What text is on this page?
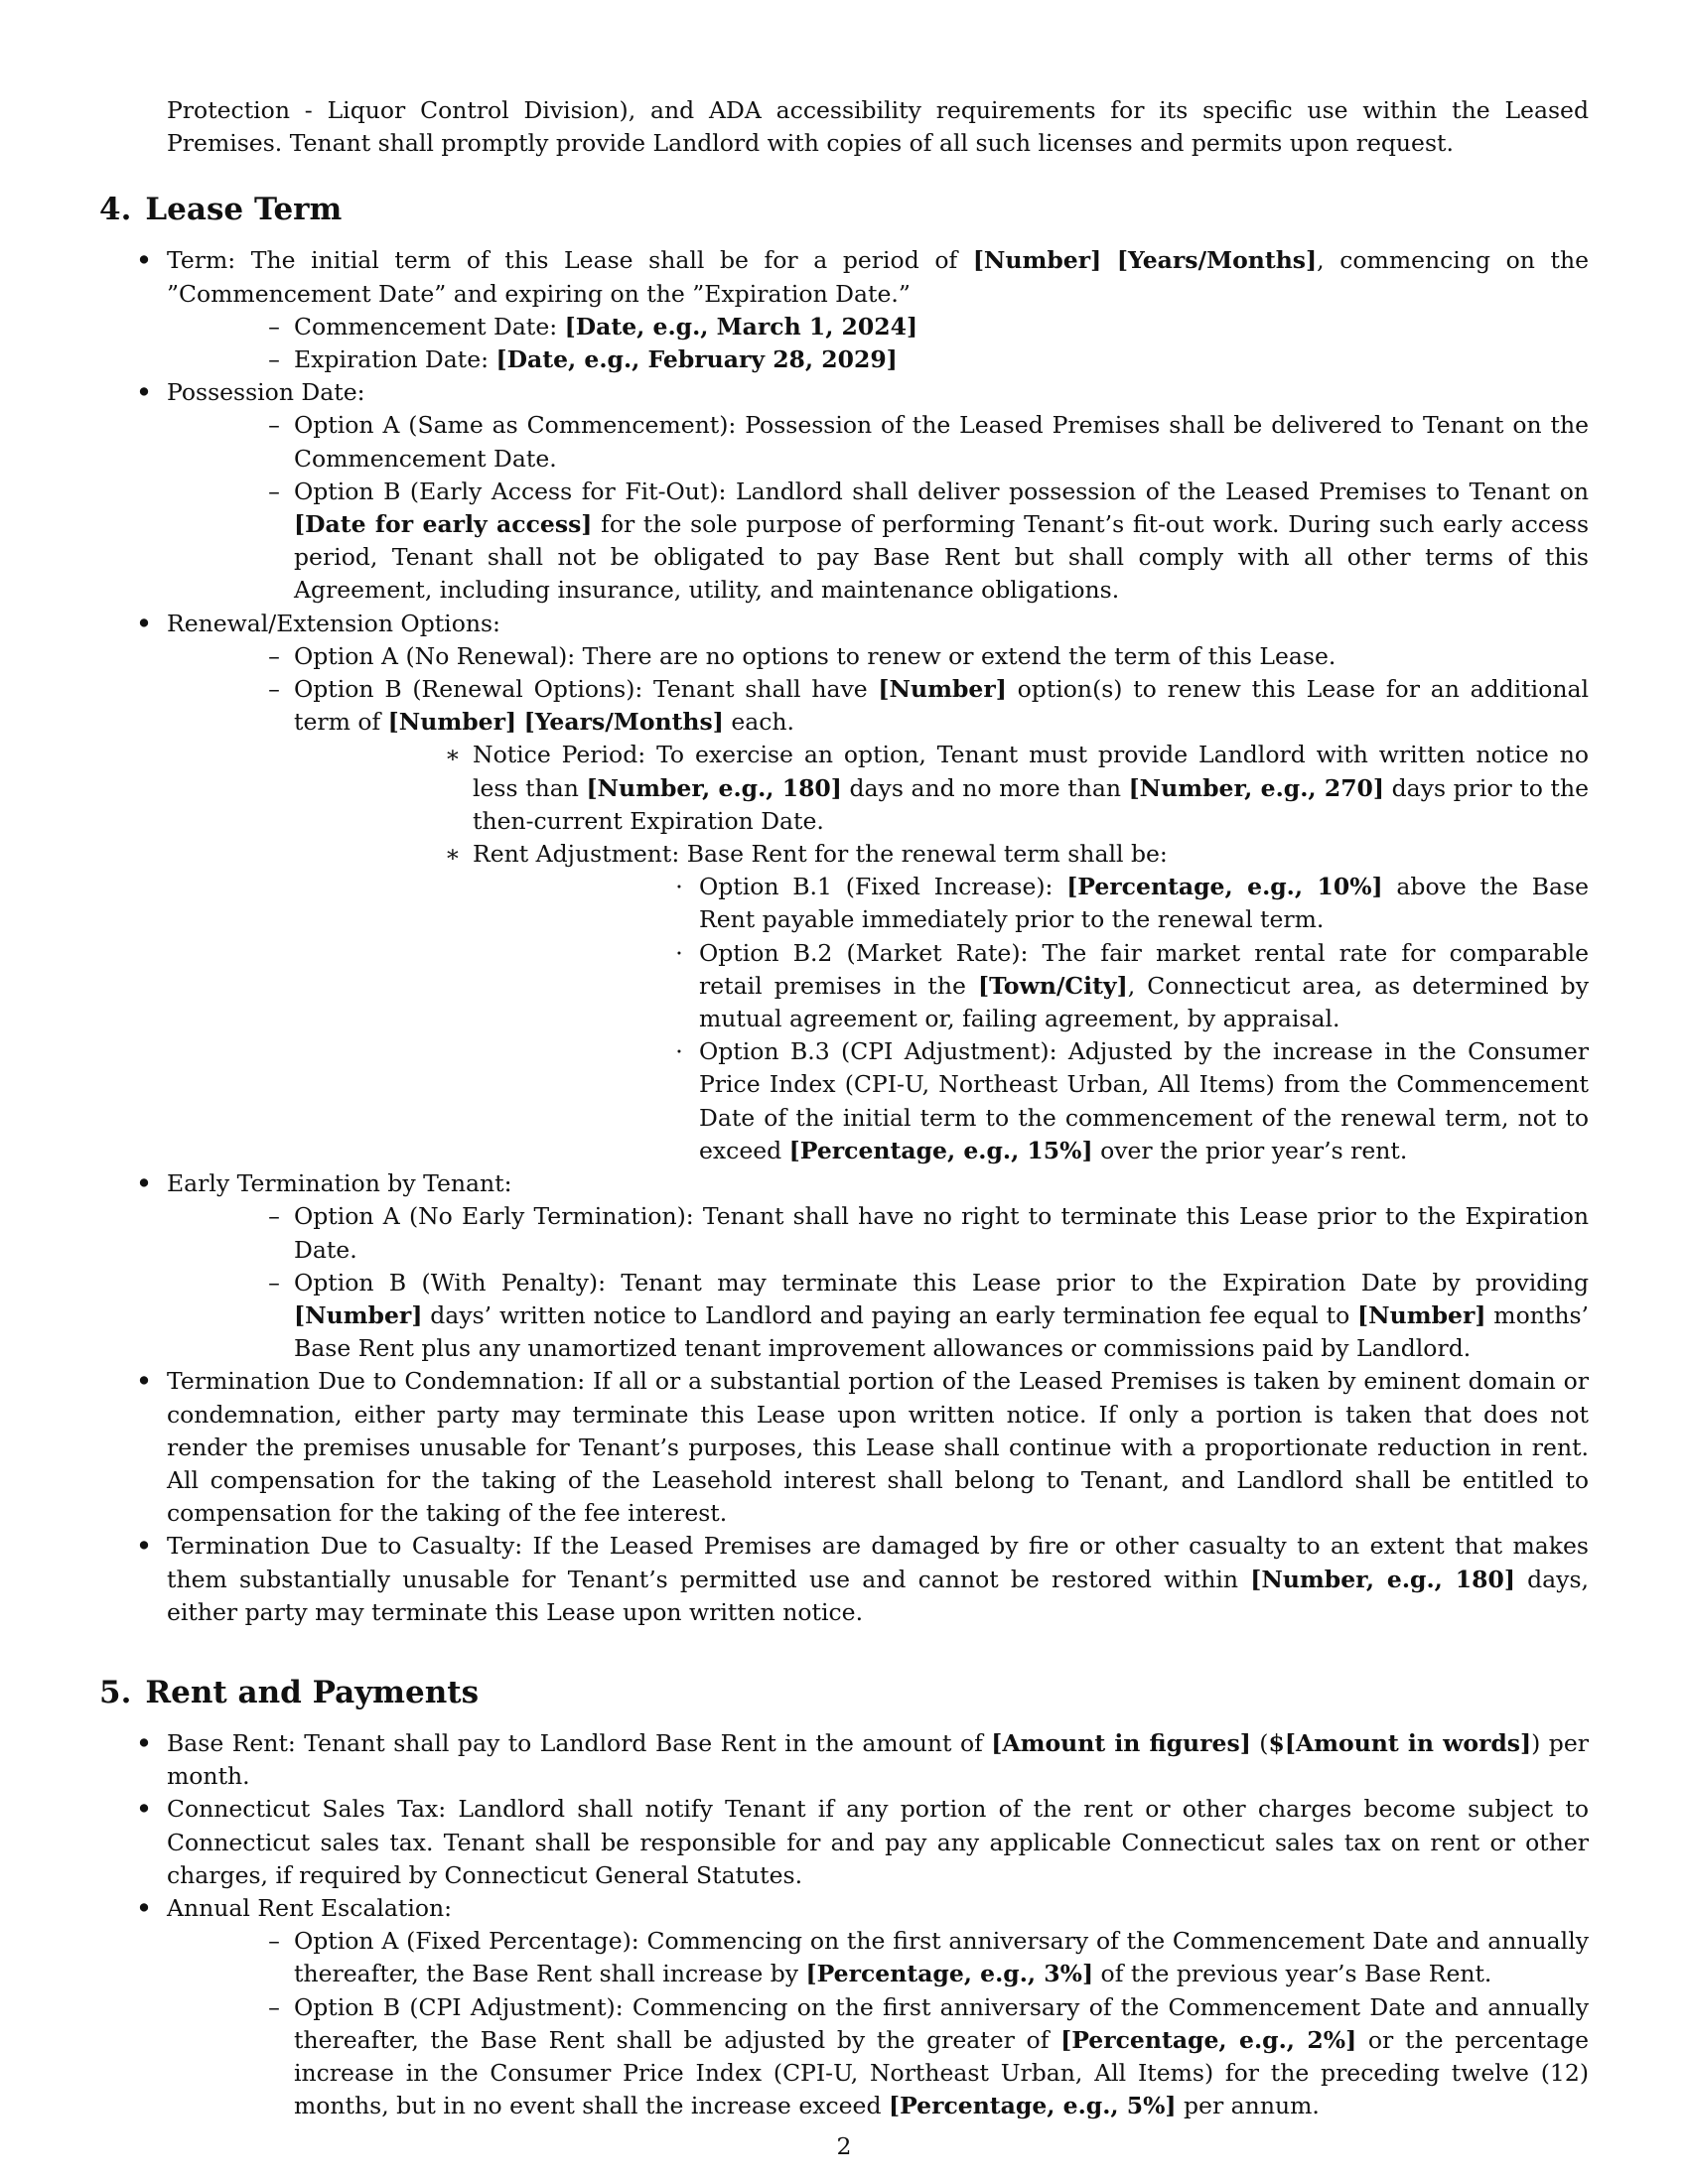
Protection - Liquor Control Division), and ADA accessibility requirements for its specific use within the Leased Premises. Tenant shall promptly provide Landlord with copies of all such licenses and permits upon request.

4. Lease Term
• Term: The initial term of this Lease shall be for a period of [Number] [Years/Months], commencing on the ”Commencement Date” and expiring on the ”Expiration Date.”
– Commencement Date: [Date, e.g., March 1, 2024]
– Expiration Date: [Date, e.g., February 28, 2029]
• Possession Date:
– Option A (Same as Commencement): Possession of the Leased Premises shall be delivered to Tenant on the Commencement Date.
– Option B (Early Access for Fit-Out): Landlord shall deliver possession of the Leased Premises to Tenant on [Date for early access] for the sole purpose of performing Tenant’s fit-out work. During such early access period, Tenant shall not be obligated to pay Base Rent but shall comply with all other terms of this Agreement, including insurance, utility, and maintenance obligations.
• Renewal/Extension Options:
– Option A (No Renewal): There are no options to renew or extend the term of this Lease.
– Option B (Renewal Options): Tenant shall have [Number] option(s) to renew this Lease for an additional term of [Number] [Years/Months] each.
∗ Notice Period: To exercise an option, Tenant must provide Landlord with written notice no less than [Number, e.g., 180] days and no more than [Number, e.g., 270] days prior to the then-current Expiration Date.
∗ Rent Adjustment: Base Rent for the renewal term shall be:
· Option B.1 (Fixed Increase): [Percentage, e.g., 10%] above the Base Rent payable immediately prior to the renewal term.
· Option B.2 (Market Rate): The fair market rental rate for comparable retail premises in the [Town/City], Connecticut area, as determined by mutual agreement or, failing agreement, by appraisal.
· Option B.3 (CPI Adjustment): Adjusted by the increase in the Consumer Price Index (CPI-U, Northeast Urban, All Items) from the Commencement Date of the initial term to the commencement of the renewal term, not to exceed [Percentage, e.g., 15%] over the prior year’s rent.
• Early Termination by Tenant:
– Option A (No Early Termination): Tenant shall have no right to terminate this Lease prior to the Expiration Date.
– Option B (With Penalty): Tenant may terminate this Lease prior to the Expiration Date by providing [Number] days’ written notice to Landlord and paying an early termination fee equal to [Number] months’ Base Rent plus any unamortized tenant improvement allowances or commissions paid by Landlord.
• Termination Due to Condemnation: If all or a substantial portion of the Leased Premises is taken by eminent domain or condemnation, either party may terminate this Lease upon written notice. If only a portion is taken that does not render the premises unusable for Tenant’s purposes, this Lease shall continue with a proportionate reduction in rent. All compensation for the taking of the Leasehold interest shall belong to Tenant, and Landlord shall be entitled to compensation for the taking of the fee interest.
• Termination Due to Casualty: If the Leased Premises are damaged by fire or other casualty to an extent that makes them substantially unusable for Tenant’s permitted use and cannot be restored within [Number, e.g., 180] days, either party may terminate this Lease upon written notice.
5. Rent and Payments
• Base Rent: Tenant shall pay to Landlord Base Rent in the amount of [Amount in figures] ($[Amount in words]) per month.
• Connecticut Sales Tax: Landlord shall notify Tenant if any portion of the rent or other charges become subject to Connecticut sales tax. Tenant shall be responsible for and pay any applicable Connecticut sales tax on rent or other charges, if required by Connecticut General Statutes.
• Annual Rent Escalation:
– Option A (Fixed Percentage): Commencing on the first anniversary of the Commencement Date and annually thereafter, the Base Rent shall increase by [Percentage, e.g., 3%] of the previous year’s Base Rent.
– Option B (CPI Adjustment): Commencing on the first anniversary of the Commencement Date and annually thereafter, the Base Rent shall be adjusted by the greater of [Percentage, e.g., 2%] or the percentage increase in the Consumer Price Index (CPI-U, Northeast Urban, All Items) for the preceding twelve (12) months, but in no event shall the increase exceed [Percentage, e.g., 5%] per annum.
2
